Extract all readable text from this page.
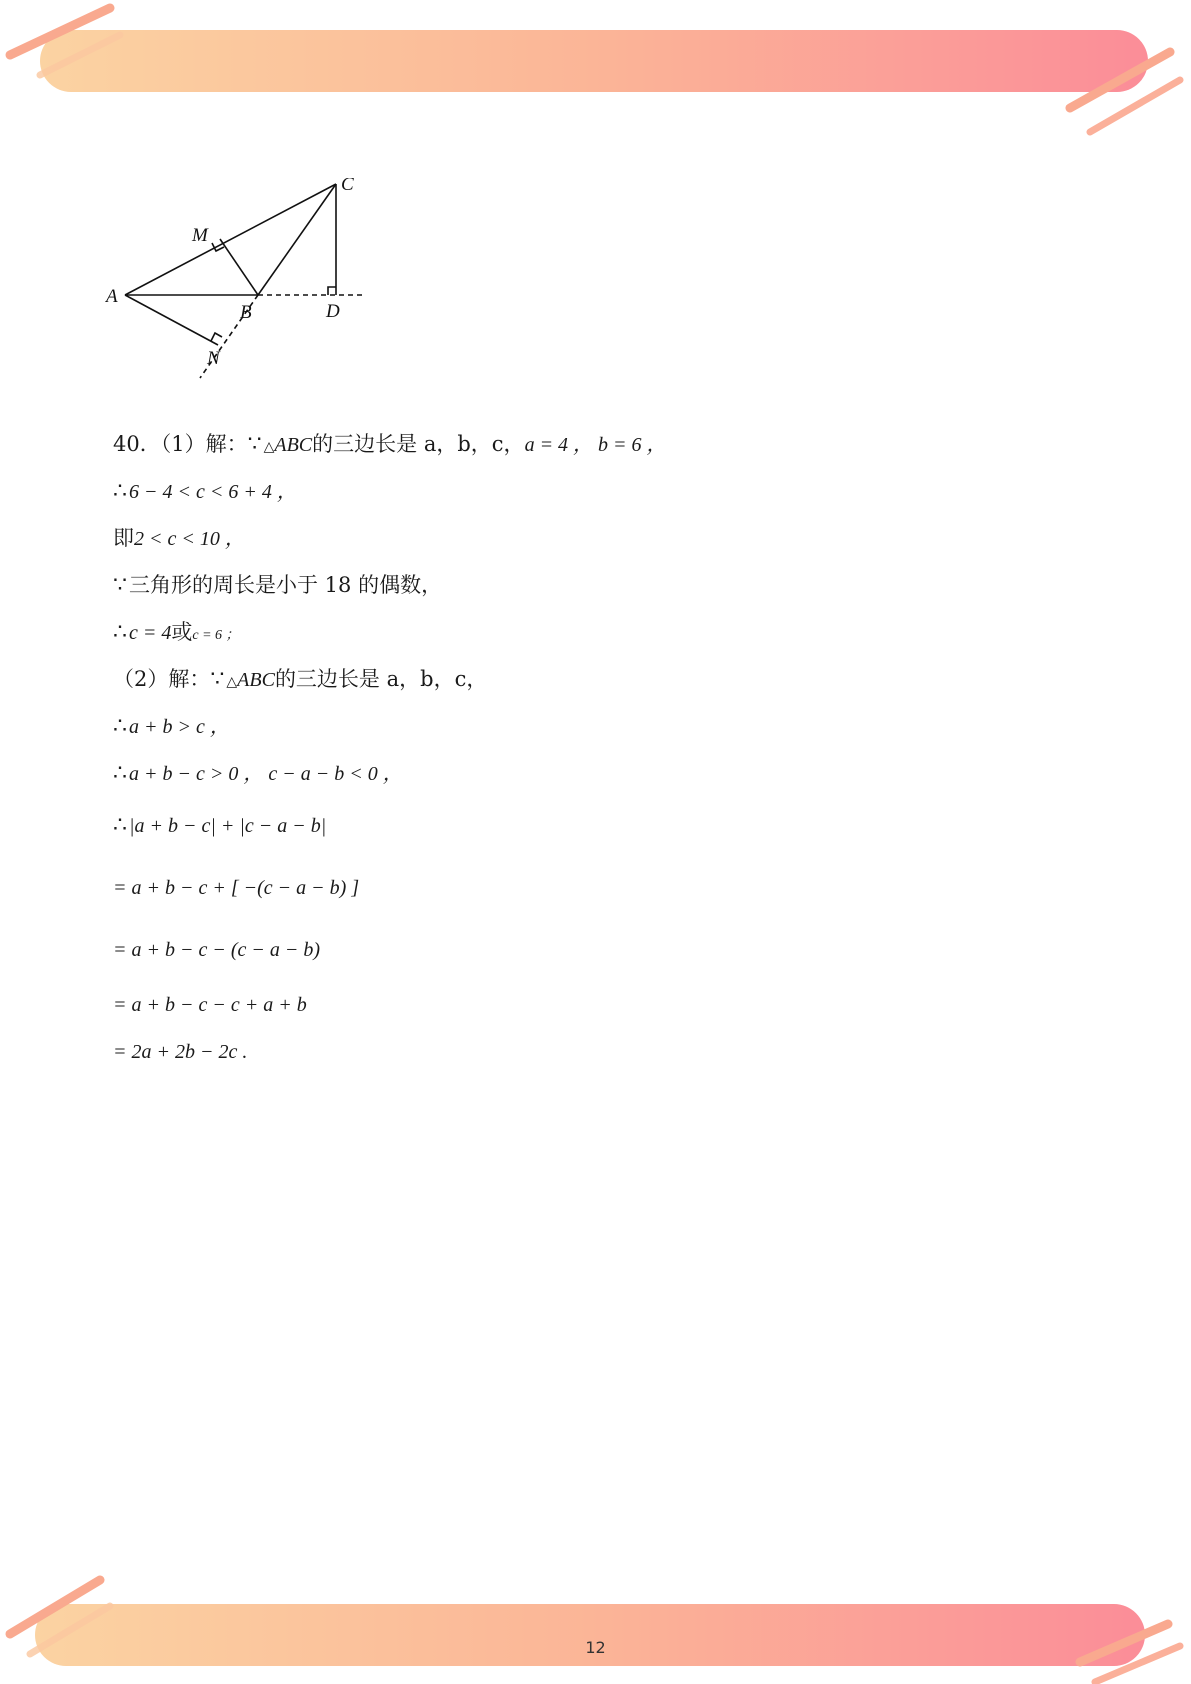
A
B
C
D
M
N
40．（1）解：∵ △ABC的三边长是 a，b，c，a = 4 ， b = 6 ，
∴ 6 − 4 < c < 6 + 4 ，
即2 < c < 10 ，
∵三角形的周长是小于 18 的偶数，
∴ c = 4或c = 6 ；
（2）解：∵ △ABC的三边长是 a，b，c，
∴ a + b > c ，
∴ a + b − c > 0 ， c − a − b < 0 ，
∴ |a + b − c| + |c − a − b|
= a + b − c + [ −(c − a − b) ]
= a + b − c − (c − a − b)
= a + b − c − c + a + b
= 2a + 2b − 2c .
12
